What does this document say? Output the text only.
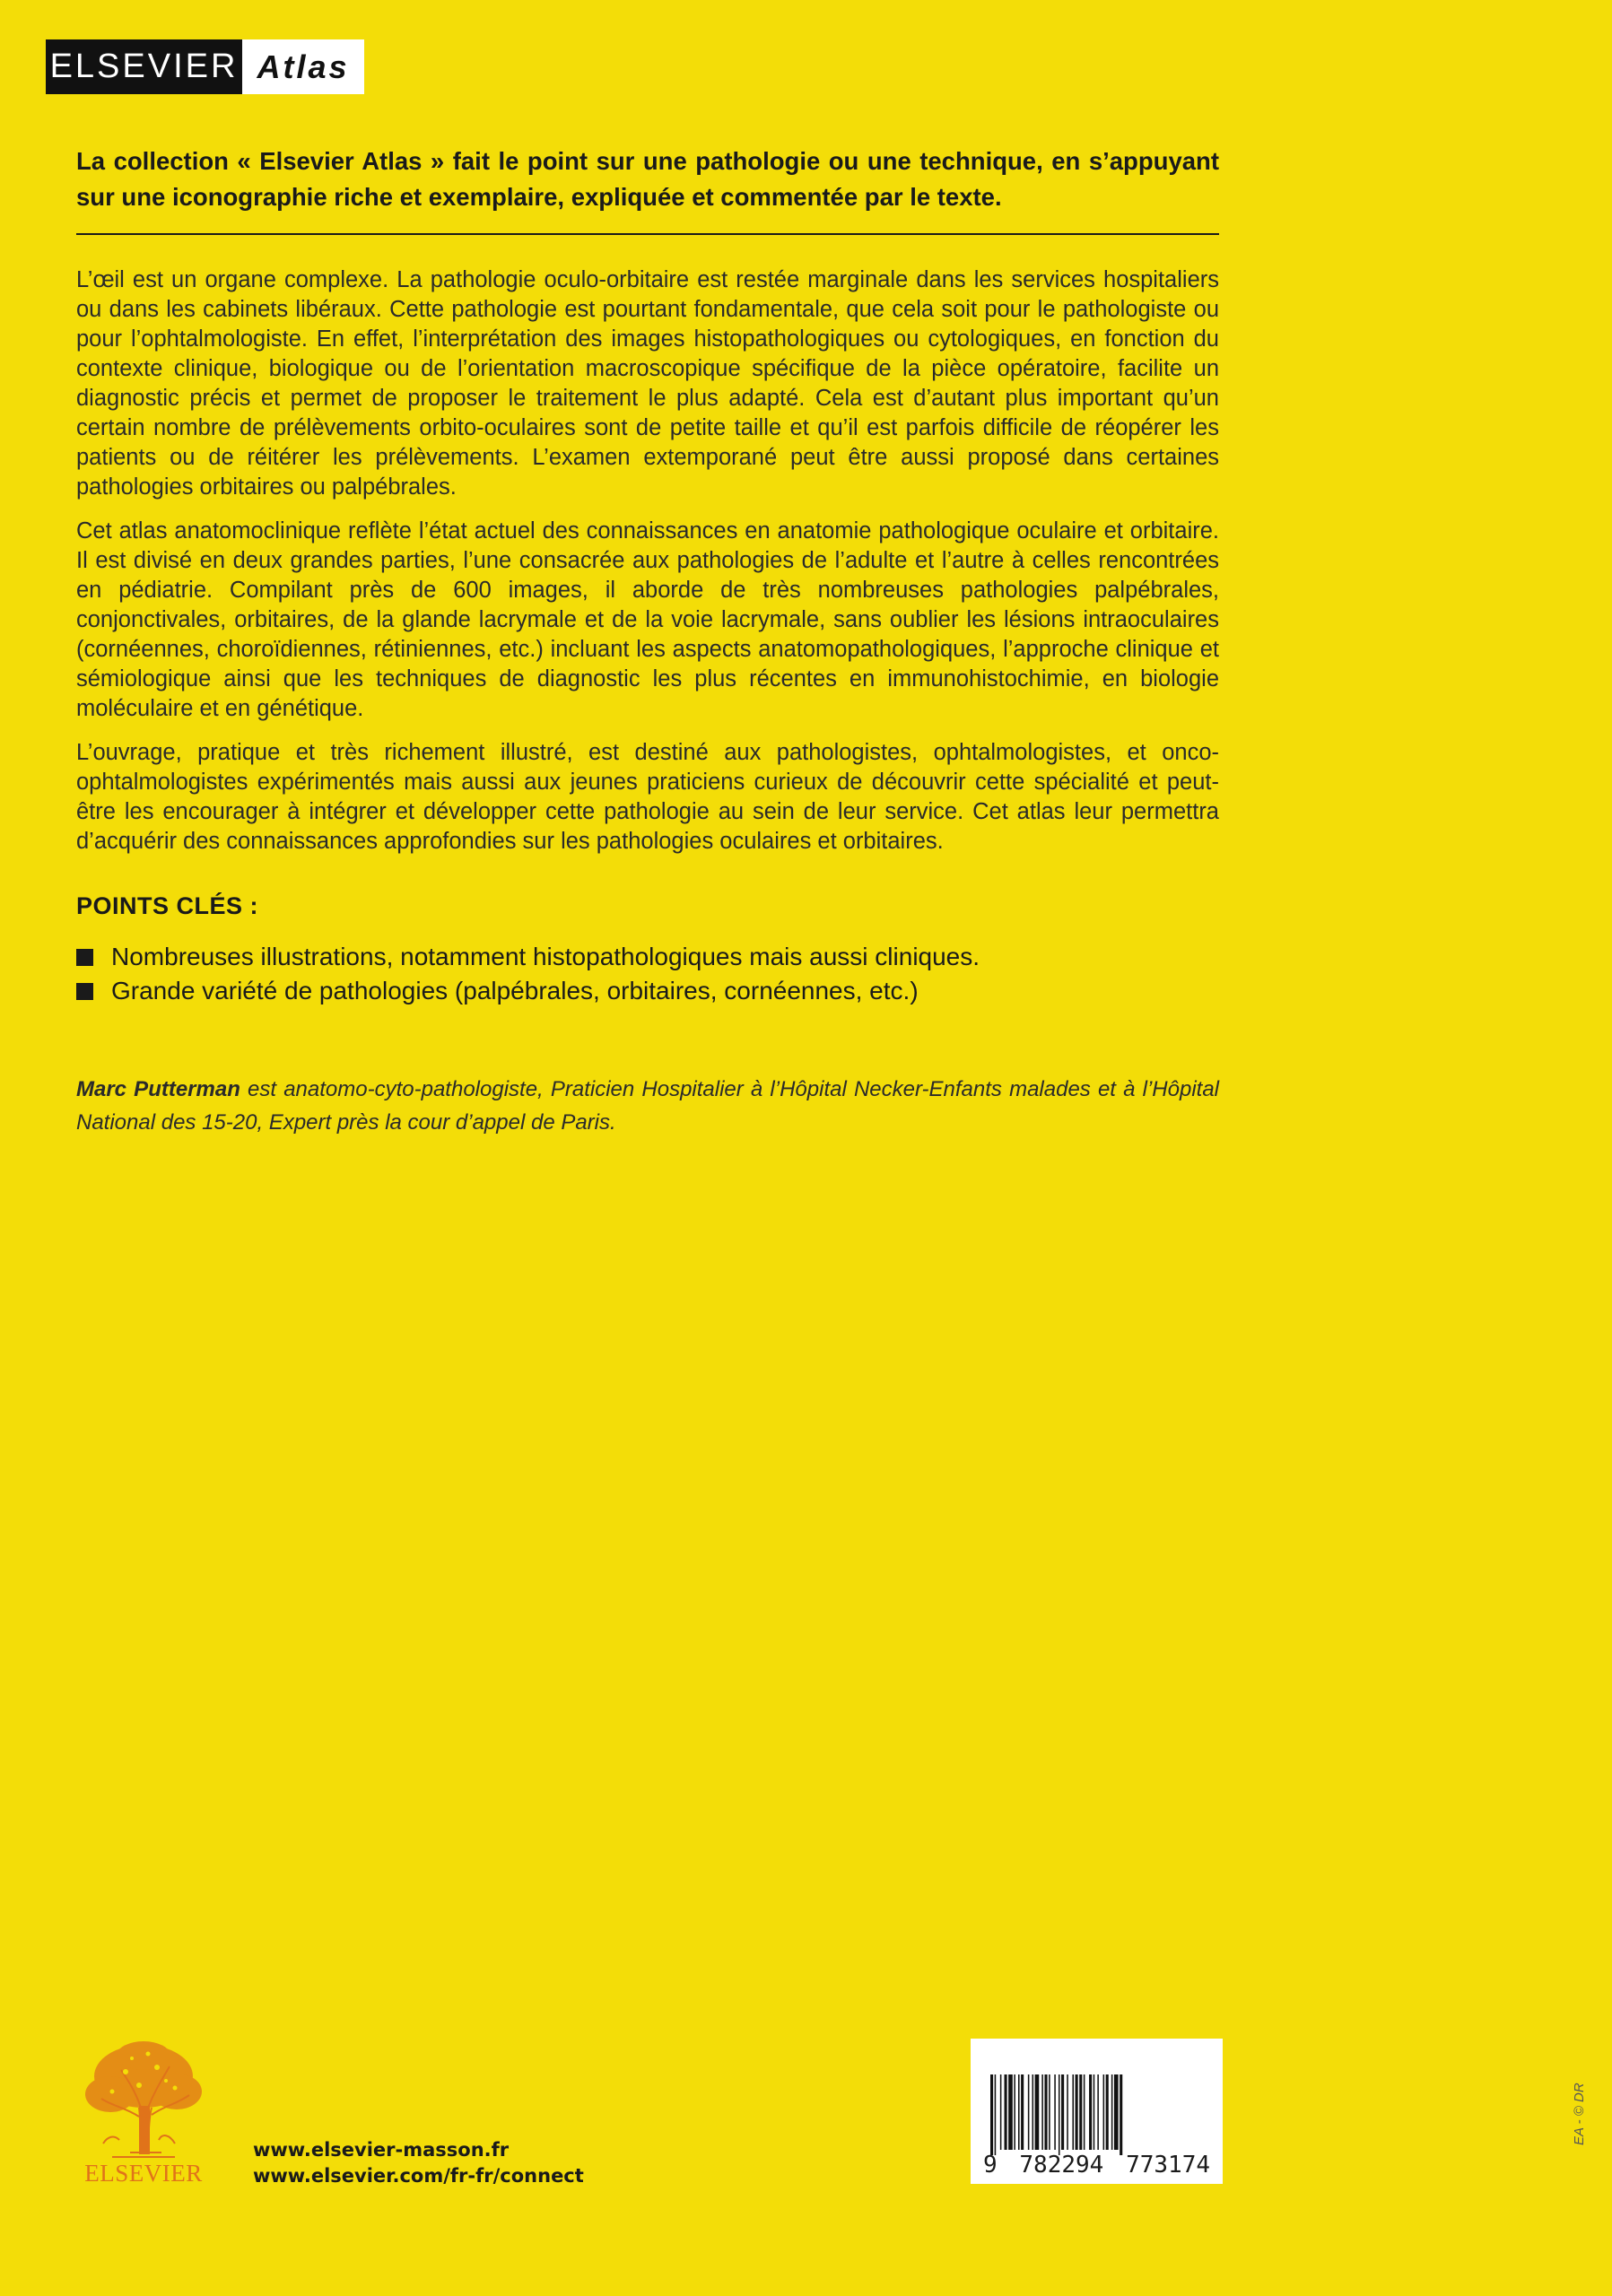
ELSEVIER Atlas

La collection « Elsevier Atlas » fait le point sur une pathologie ou une technique, en s’appuyant sur une iconographie riche et exemplaire, expliquée et commentée par le texte.

L’œil est un organe complexe. La pathologie oculo-orbitaire est restée marginale dans les services hospitaliers ou dans les cabinets libéraux. Cette pathologie est pourtant fondamentale, que cela soit pour le pathologiste ou pour l’ophtalmologiste. En effet, l’interprétation des images histopathologiques ou cytologiques, en fonction du contexte clinique, biologique ou de l’orientation macroscopique spécifique de la pièce opératoire, facilite un diagnostic précis et permet de proposer le traitement le plus adapté. Cela est d’autant plus important qu’un certain nombre de prélèvements orbito-oculaires sont de petite taille et qu’il est parfois difficile de réopérer les patients ou de réitérer les prélèvements. L’examen extemporané peut être aussi proposé dans certaines pathologies orbitaires ou palpébrales.

Cet atlas anatomoclinique reflète l’état actuel des connaissances en anatomie pathologique oculaire et orbitaire. Il est divisé en deux grandes parties, l’une consacrée aux pathologies de l’adulte et l’autre à celles rencontrées en pédiatrie. Compilant près de 600 images, il aborde de très nombreuses pathologies palpébrales, conjonctivales, orbitaires, de la glande lacrymale et de la voie lacrymale, sans oublier les lésions intraoculaires (cornéennes, choroïdiennes, rétiniennes, etc.) incluant les aspects anatomopathologiques, l’approche clinique et sémiologique ainsi que les techniques de diagnostic les plus récentes en immunohistochimie, en biologie moléculaire et en génétique.

L’ouvrage, pratique et très richement illustré, est destiné aux pathologistes, ophtalmologistes, et onco-ophtalmologistes expérimentés mais aussi aux jeunes praticiens curieux de découvrir cette spécialité et peut-être les encourager à intégrer et développer cette pathologie au sein de leur service. Cet atlas leur permettra d’acquérir des connaissances approfondies sur les pathologies oculaires et orbitaires.

POINTS CLÉS :
Nombreuses illustrations, notamment histopathologiques mais aussi cliniques.
Grande variété de pathologies (palpébrales, orbitaires, cornéennes, etc.)

Marc Putterman est anatomo-cyto-pathologiste, Praticien Hospitalier à l’Hôpital Necker-Enfants malades et à l’Hôpital National des 15-20, Expert près la cour d’appel de Paris.

ELSEVIER
www.elsevier-masson.fr
www.elsevier.com/fr-fr/connect	9 782294 773174
EA - © DR
